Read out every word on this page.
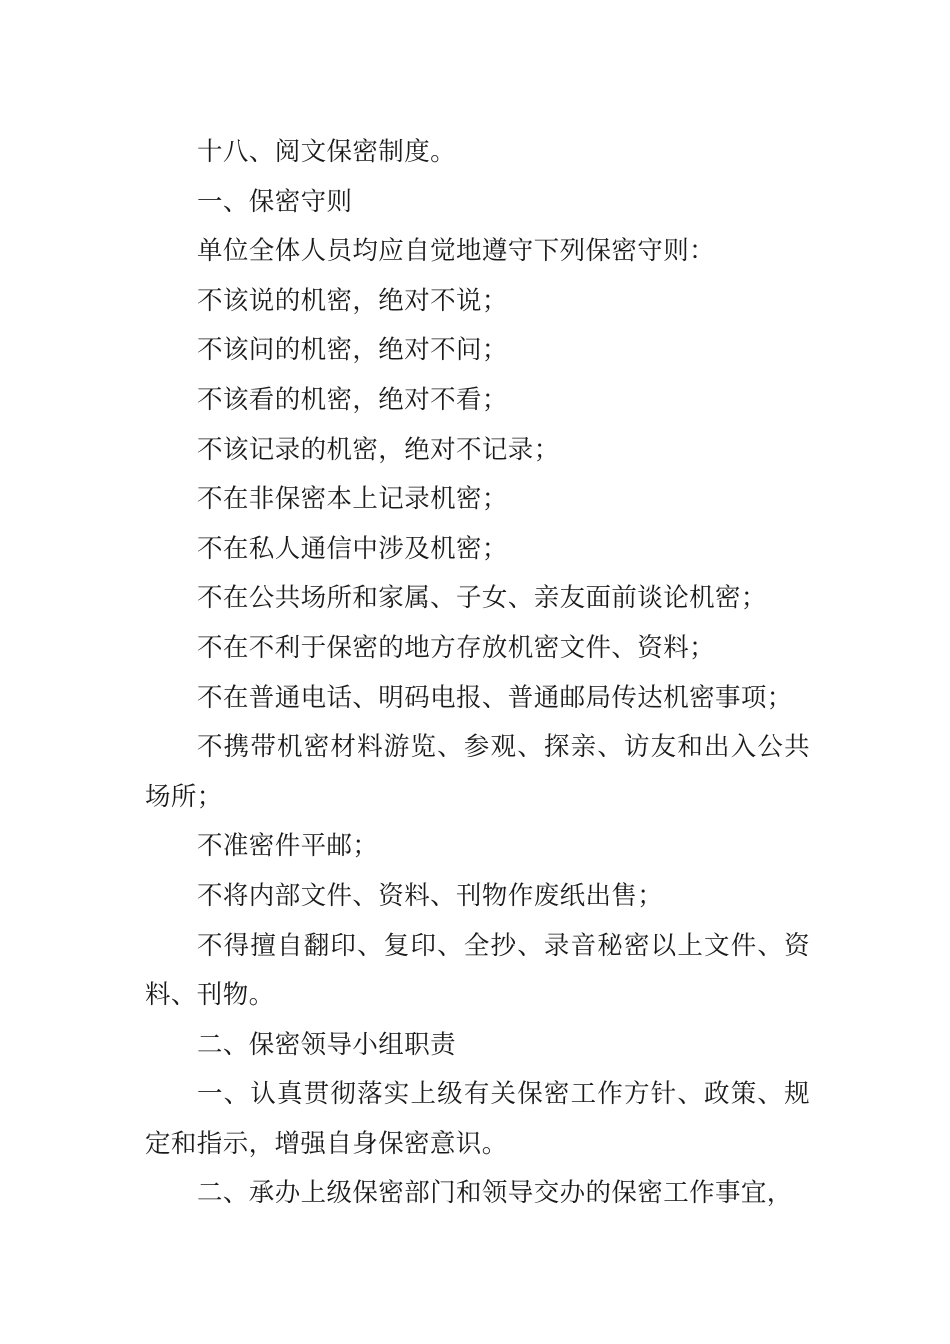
十八、阅文保密制度。

一、保密守则

单位全体人员均应自觉地遵守下列保密守则：

不该说的机密，绝对不说；

不该问的机密，绝对不问；

不该看的机密，绝对不看；

不该记录的机密，绝对不记录；

不在非保密本上记录机密；

不在私人通信中涉及机密；

不在公共场所和家属、子女、亲友面前谈论机密；

不在不利于保密的地方存放机密文件、资料；

不在普通电话、明码电报、普通邮局传达机密事项；

不携带机密材料游览、参观、探亲、访友和出入公共场所；

不准密件平邮；

不将内部文件、资料、刊物作废纸出售；

不得擅自翻印、复印、全抄、录音秘密以上文件、资料、刊物。

二、保密领导小组职责

一、认真贯彻落实上级有关保密工作方针、政策、规定和指示，增强自身保密意识。

二、承办上级保密部门和领导交办的保密工作事宜，
